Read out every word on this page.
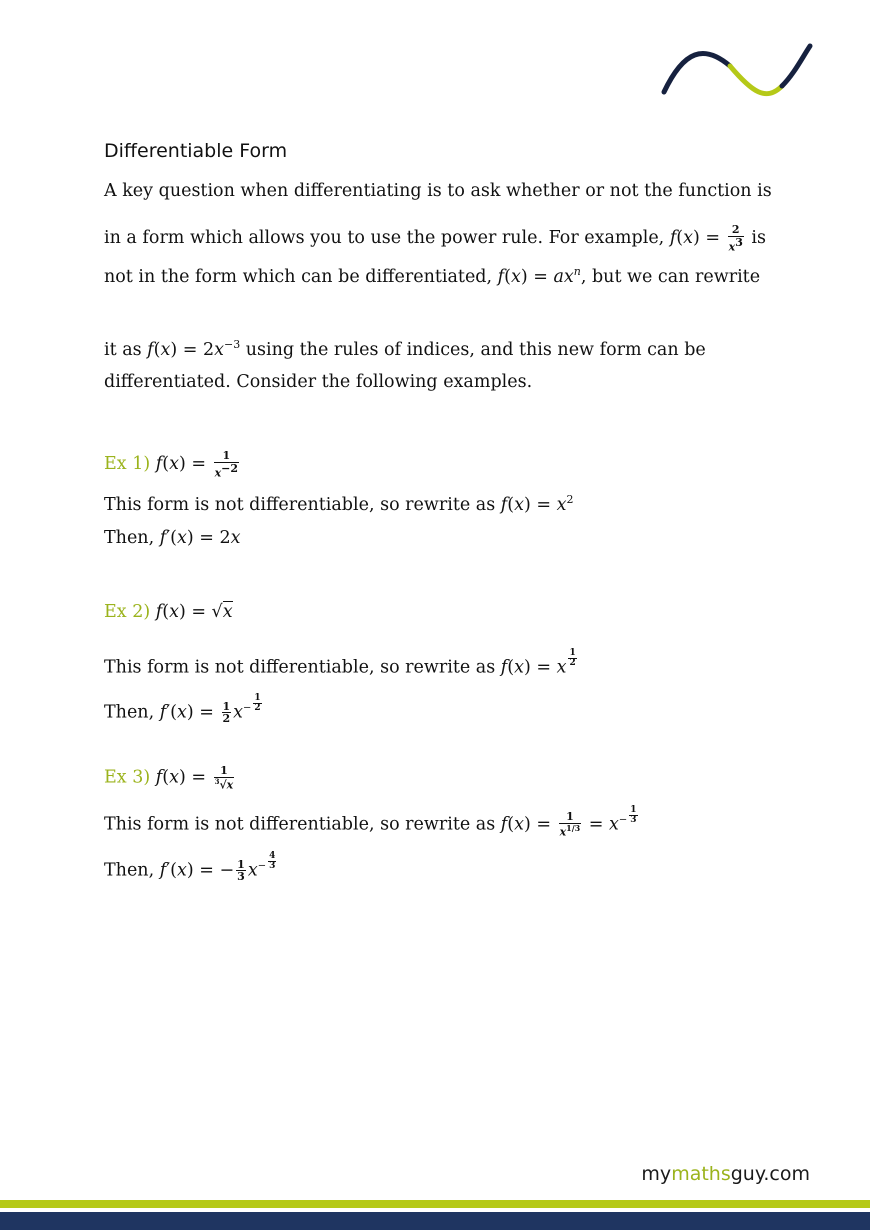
Differentiable Form
A key question when differentiating is to ask whether or not the function is
in a form which allows you to use the power rule. For example, $f(x) = \frac{2}{x^3}$ is
not in the form which can be differentiated, $f(x) = ax^n$, but we can rewrite
it as $f(x) = 2x^{-3}$ using the rules of indices, and this new form can be
differentiated. Consider the following examples.
Ex 1) $f(x) = \frac{1}{x^{-2}}$
This form is not differentiable, so rewrite as $f(x) = x^2$
Then, f′(x) = 2x
Ex 2) f(x) = √x
This form is not differentiable, so rewrite as f(x) = x $\frac{1}{2}$
Then, $f'(x) = \frac{1}{2} x^- \frac{1}{2}$
Ex 3) $f(x) = \frac{1}{^3√x}$
This form is not differentiable, so rewrite as $f(x) = \frac{1}{x^{1/3}} = x^- \frac{1}{3}$
Then, f′(x) = − $\frac{1}{3} x^- \frac{4}{3}$
mymathsguy.com
